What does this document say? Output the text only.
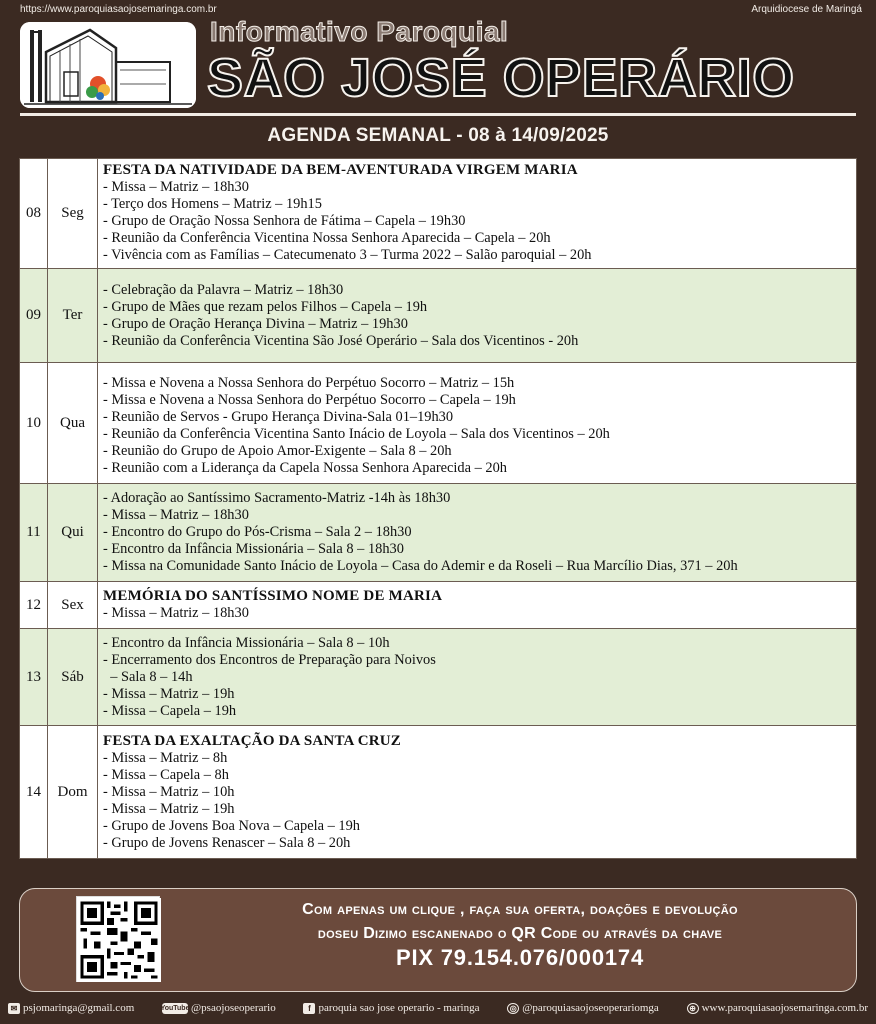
https://www.paroquiasaojosemaringa.com.br	Arquidiocese de Maringá
Informativo Paroquial
SÃO JOSÉ OPERÁRIO
AGENDA SEMANAL - 08 à 14/09/2025
08	Seg
FESTA DA NATIVIDADE DA BEM-AVENTURADA VIRGEM MARIA
- Missa – Matriz – 18h30
- Terço dos Homens – Matriz – 19h15
- Grupo de Oração Nossa Senhora de Fátima – Capela – 19h30
- Reunião da Conferência Vicentina Nossa Senhora Aparecida – Capela – 20h
- Vivência com as Famílias – Catecumenato 3 – Turma 2022 – Salão paroquial – 20h
09	Ter
- Celebração da Palavra – Matriz – 18h30
- Grupo de Mães que rezam pelos Filhos – Capela – 19h
- Grupo de Oração Herança Divina – Matriz – 19h30
- Reunião da Conferência Vicentina São José Operário – Sala dos Vicentinos - 20h
10	Qua
- Missa e Novena a Nossa Senhora do Perpétuo Socorro – Matriz – 15h
- Missa e Novena a Nossa Senhora do Perpétuo Socorro – Capela – 19h
- Reunião de Servos - Grupo Herança Divina-Sala 01–19h30
- Reunião da Conferência Vicentina Santo Inácio de Loyola – Sala dos Vicentinos – 20h
- Reunião do Grupo de Apoio Amor-Exigente – Sala 8 – 20h
- Reunião com a Liderança da Capela Nossa Senhora Aparecida – 20h
11	Qui
- Adoração ao Santíssimo Sacramento-Matriz -14h às 18h30
- Missa – Matriz – 18h30
- Encontro do Grupo do Pós-Crisma – Sala 2 – 18h30
- Encontro da Infância Missionária – Sala 8 – 18h30
- Missa na Comunidade Santo Inácio de Loyola – Casa do Ademir e da Roseli – Rua Marcílio Dias, 371 – 20h
12	Sex
MEMÓRIA DO SANTÍSSIMO NOME DE MARIA
- Missa – Matriz – 18h30
13	Sáb
- Encontro da Infância Missionária – Sala 8 – 10h
- Encerramento dos Encontros de Preparação para Noivos
– Sala 8 – 14h
- Missa – Matriz – 19h
- Missa – Capela – 19h
14	Dom
FESTA DA EXALTAÇÃO DA SANTA CRUZ
- Missa – Matriz – 8h
- Missa – Capela – 8h
- Missa – Matriz – 10h
- Missa – Matriz – 19h
- Grupo de Jovens Boa Nova – Capela – 19h
- Grupo de Jovens Renascer – Sala 8 – 20h
Com apenas um clique , faça sua oferta, doações e devolução
doseu Dizimo escanenado o QR Code ou através da chave
PIX 79.154.076/000174
✉ psjomaringa@gmail.com	YouTube @psaojoseoperario	f paroquia sao jose operario - maringa	◎ @paroquiasaojoseoperariomga	⊕ www.paroquiasaojosemaringa.com.br
